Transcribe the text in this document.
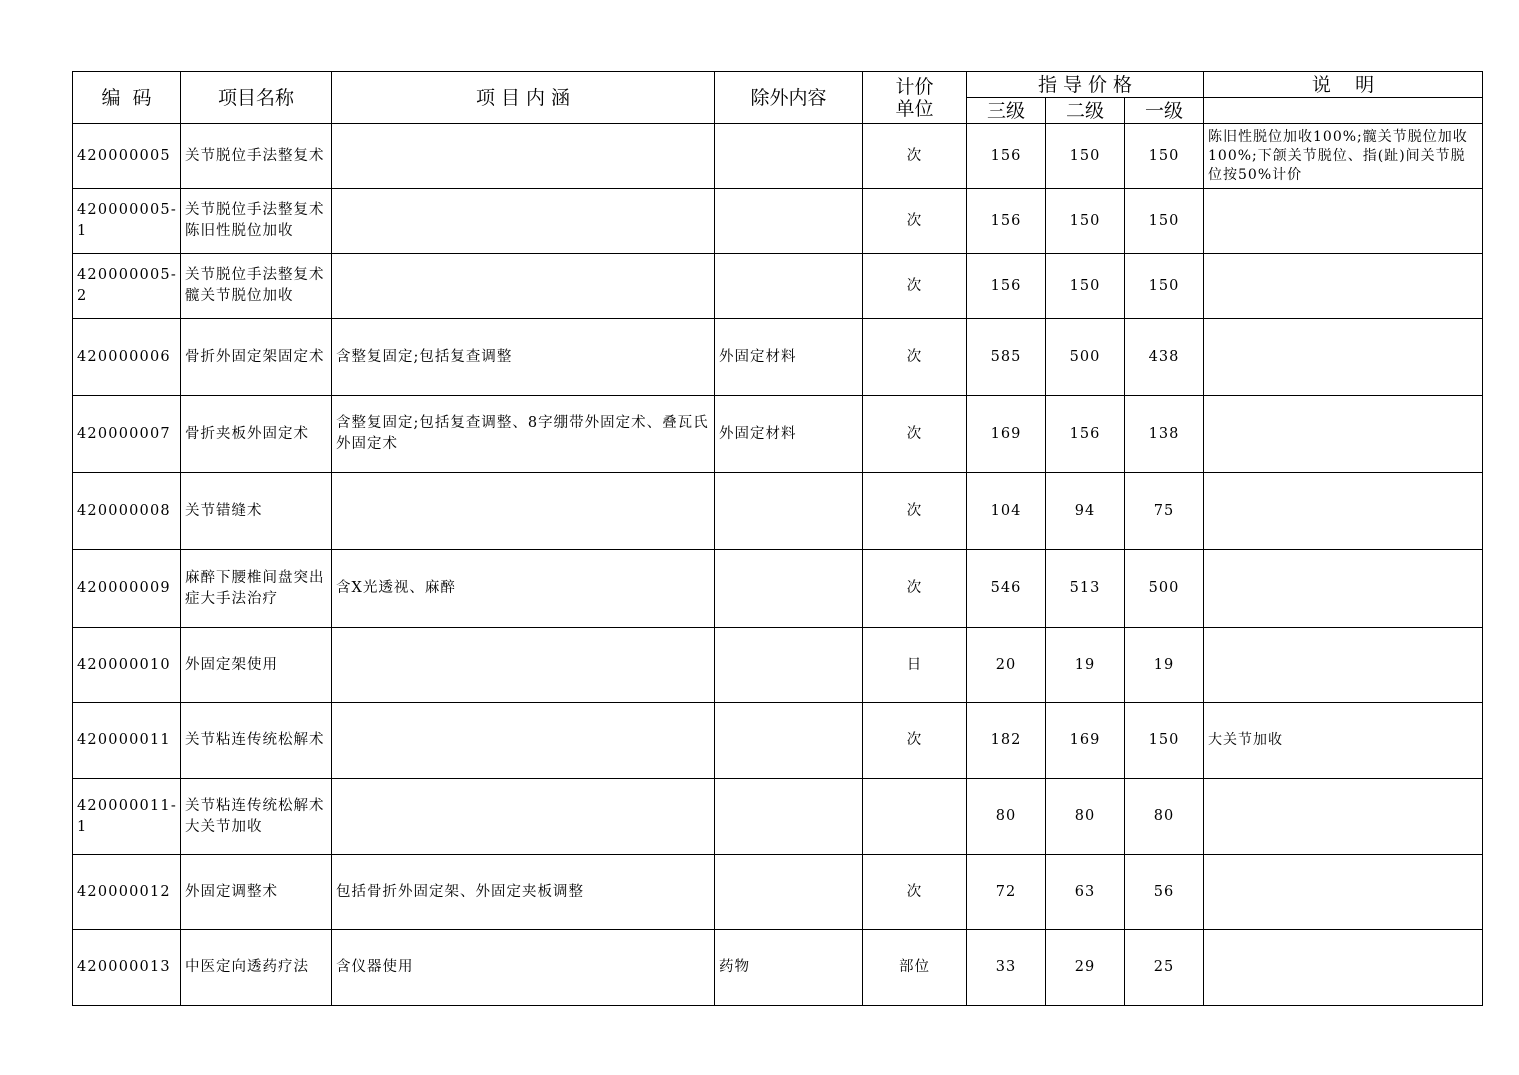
编  码	项目名称	项 目 内 涵	除外内容	计价
单位	指 导 价 格			说    明
					三级	二级	一级	
420000005	关节脱位手法整复术			次	156	150	150	陈旧性脱位加收100%;髋关节脱位加收100%;下颌关节脱位、指(趾)间关节脱位按50%计价
420000005-1	关节脱位手法整复术 陈旧性脱位加收			次	156	150	150	
420000005-2	关节脱位手法整复术 髋关节脱位加收			次	156	150	150	
420000006	骨折外固定架固定术	含整复固定;包括复查调整	外固定材料	次	585	500	438	
420000007	骨折夹板外固定术	含整复固定;包括复查调整、8字绷带外固定术、叠瓦氏外固定术	外固定材料	次	169	156	138	
420000008	关节错缝术			次	104	94	75	
420000009	麻醉下腰椎间盘突出症大手法治疗	含X光透视、麻醉		次	546	513	500	
420000010	外固定架使用			日	20	19	19	
420000011	关节粘连传统松解术			次	182	169	150	大关节加收
420000011-1	关节粘连传统松解术 大关节加收				80	80	80	
420000012	外固定调整术	包括骨折外固定架、外固定夹板调整		次	72	63	56	
420000013	中医定向透药疗法	含仪器使用	药物	部位	33	29	25	
